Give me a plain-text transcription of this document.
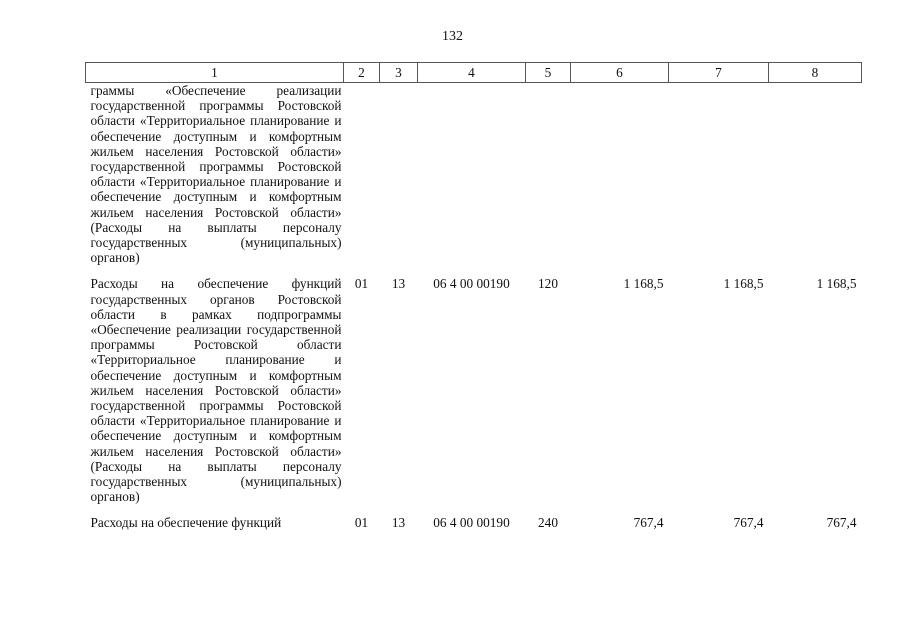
132
1	2	3	4	5	6	7	8
граммы «Обеспечение реализации государственной программы Ростовской области «Территориальное планирование и обеспечение доступным и комфортным жильем населения Ростовской области» государственной программы Ростовской области «Территориальное планирование и обеспечение доступным и комфортным жильем населения Ростовской области» (Расходы на выплаты персоналу государственных (муниципальных) органов)							
Расходы на обеспечение функций государственных органов Ростовской области в рамках подпрограммы «Обеспечение реализации государственной программы Ростовской области «Территориальное планирование и обеспечение доступным и комфортным жильем населения Ростовской области» государственной программы Ростовской области «Территориальное планирование и обеспечение доступным и комфортным жильем населения Ростовской области» (Расходы на выплаты персоналу государственных (муниципальных) органов)	01	13	06 4 00 00190	120	1 168,5	1 168,5	1 168,5
Расходы на обеспечение функций	01	13	06 4 00 00190	240	767,4	767,4	767,4
